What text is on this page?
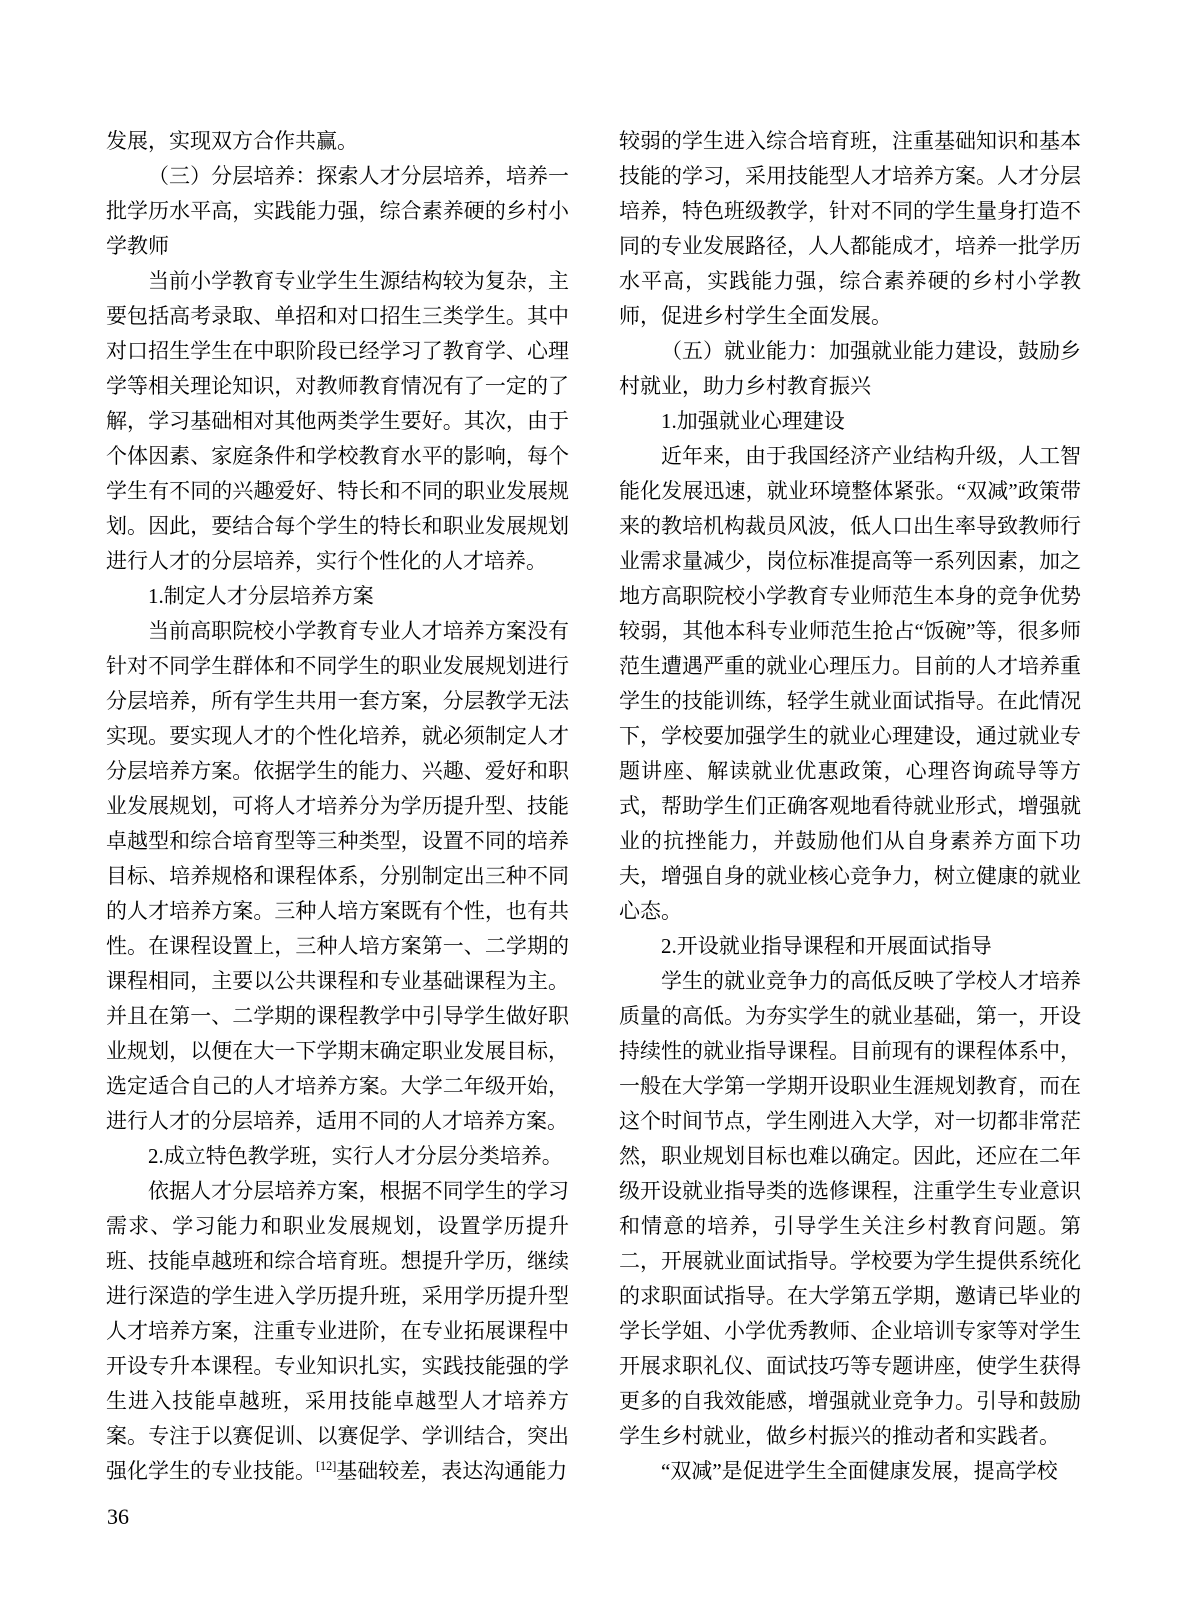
发展，实现双方合作共赢。

（三）分层培养：探索人才分层培养，培养一批学历水平高，实践能力强，综合素养硬的乡村小学教师

当前小学教育专业学生生源结构较为复杂，主要包括高考录取、单招和对口招生三类学生。其中对口招生学生在中职阶段已经学习了教育学、心理学等相关理论知识，对教师教育情况有了一定的了解，学习基础相对其他两类学生要好。其次，由于个体因素、家庭条件和学校教育水平的影响，每个学生有不同的兴趣爱好、特长和不同的职业发展规划。因此，要结合每个学生的特长和职业发展规划进行人才的分层培养，实行个性化的人才培养。

1.制定人才分层培养方案

当前高职院校小学教育专业人才培养方案没有针对不同学生群体和不同学生的职业发展规划进行分层培养，所有学生共用一套方案，分层教学无法实现。要实现人才的个性化培养，就必须制定人才分层培养方案。依据学生的能力、兴趣、爱好和职业发展规划，可将人才培养分为学历提升型、技能卓越型和综合培育型等三种类型，设置不同的培养目标、培养规格和课程体系，分别制定出三种不同的人才培养方案。三种人培方案既有个性，也有共性。在课程设置上，三种人培方案第一、二学期的课程相同，主要以公共课程和专业基础课程为主。并且在第一、二学期的课程教学中引导学生做好职业规划，以便在大一下学期末确定职业发展目标，选定适合自己的人才培养方案。大学二年级开始，进行人才的分层培养，适用不同的人才培养方案。

2.成立特色教学班，实行人才分层分类培养。

依据人才分层培养方案，根据不同学生的学习需求、学习能力和职业发展规划，设置学历提升班、技能卓越班和综合培育班。想提升学历，继续进行深造的学生进入学历提升班，采用学历提升型人才培养方案，注重专业进阶，在专业拓展课程中开设专升本课程。专业知识扎实，实践技能强的学生进入技能卓越班，采用技能卓越型人才培养方案。专注于以赛促训、以赛促学、学训结合，突出强化学生的专业技能。[12]基础较差，表达沟通能力

较弱的学生进入综合培育班，注重基础知识和基本技能的学习，采用技能型人才培养方案。人才分层培养，特色班级教学，针对不同的学生量身打造不同的专业发展路径，人人都能成才，培养一批学历水平高，实践能力强，综合素养硬的乡村小学教师，促进乡村学生全面发展。

（五）就业能力：加强就业能力建设，鼓励乡村就业，助力乡村教育振兴

1.加强就业心理建设

近年来，由于我国经济产业结构升级，人工智能化发展迅速，就业环境整体紧张。“双减”政策带来的教培机构裁员风波，低人口出生率导致教师行业需求量减少，岗位标准提高等一系列因素，加之地方高职院校小学教育专业师范生本身的竞争优势较弱，其他本科专业师范生抢占“饭碗”等，很多师范生遭遇严重的就业心理压力。目前的人才培养重学生的技能训练，轻学生就业面试指导。在此情况下，学校要加强学生的就业心理建设，通过就业专题讲座、解读就业优惠政策，心理咨询疏导等方式，帮助学生们正确客观地看待就业形式，增强就业的抗挫能力，并鼓励他们从自身素养方面下功夫，增强自身的就业核心竞争力，树立健康的就业心态。

2.开设就业指导课程和开展面试指导

学生的就业竞争力的高低反映了学校人才培养质量的高低。为夯实学生的就业基础，第一，开设持续性的就业指导课程。目前现有的课程体系中，一般在大学第一学期开设职业生涯规划教育，而在这个时间节点，学生刚进入大学，对一切都非常茫然，职业规划目标也难以确定。因此，还应在二年级开设就业指导类的选修课程，注重学生专业意识和情意的培养，引导学生关注乡村教育问题。第二，开展就业面试指导。学校要为学生提供系统化的求职面试指导。在大学第五学期，邀请已毕业的学长学姐、小学优秀教师、企业培训专家等对学生开展求职礼仪、面试技巧等专题讲座，使学生获得更多的自我效能感，增强就业竞争力。引导和鼓励学生乡村就业，做乡村振兴的推动者和实践者。

“双减”是促进学生全面健康发展，提高学校

36
